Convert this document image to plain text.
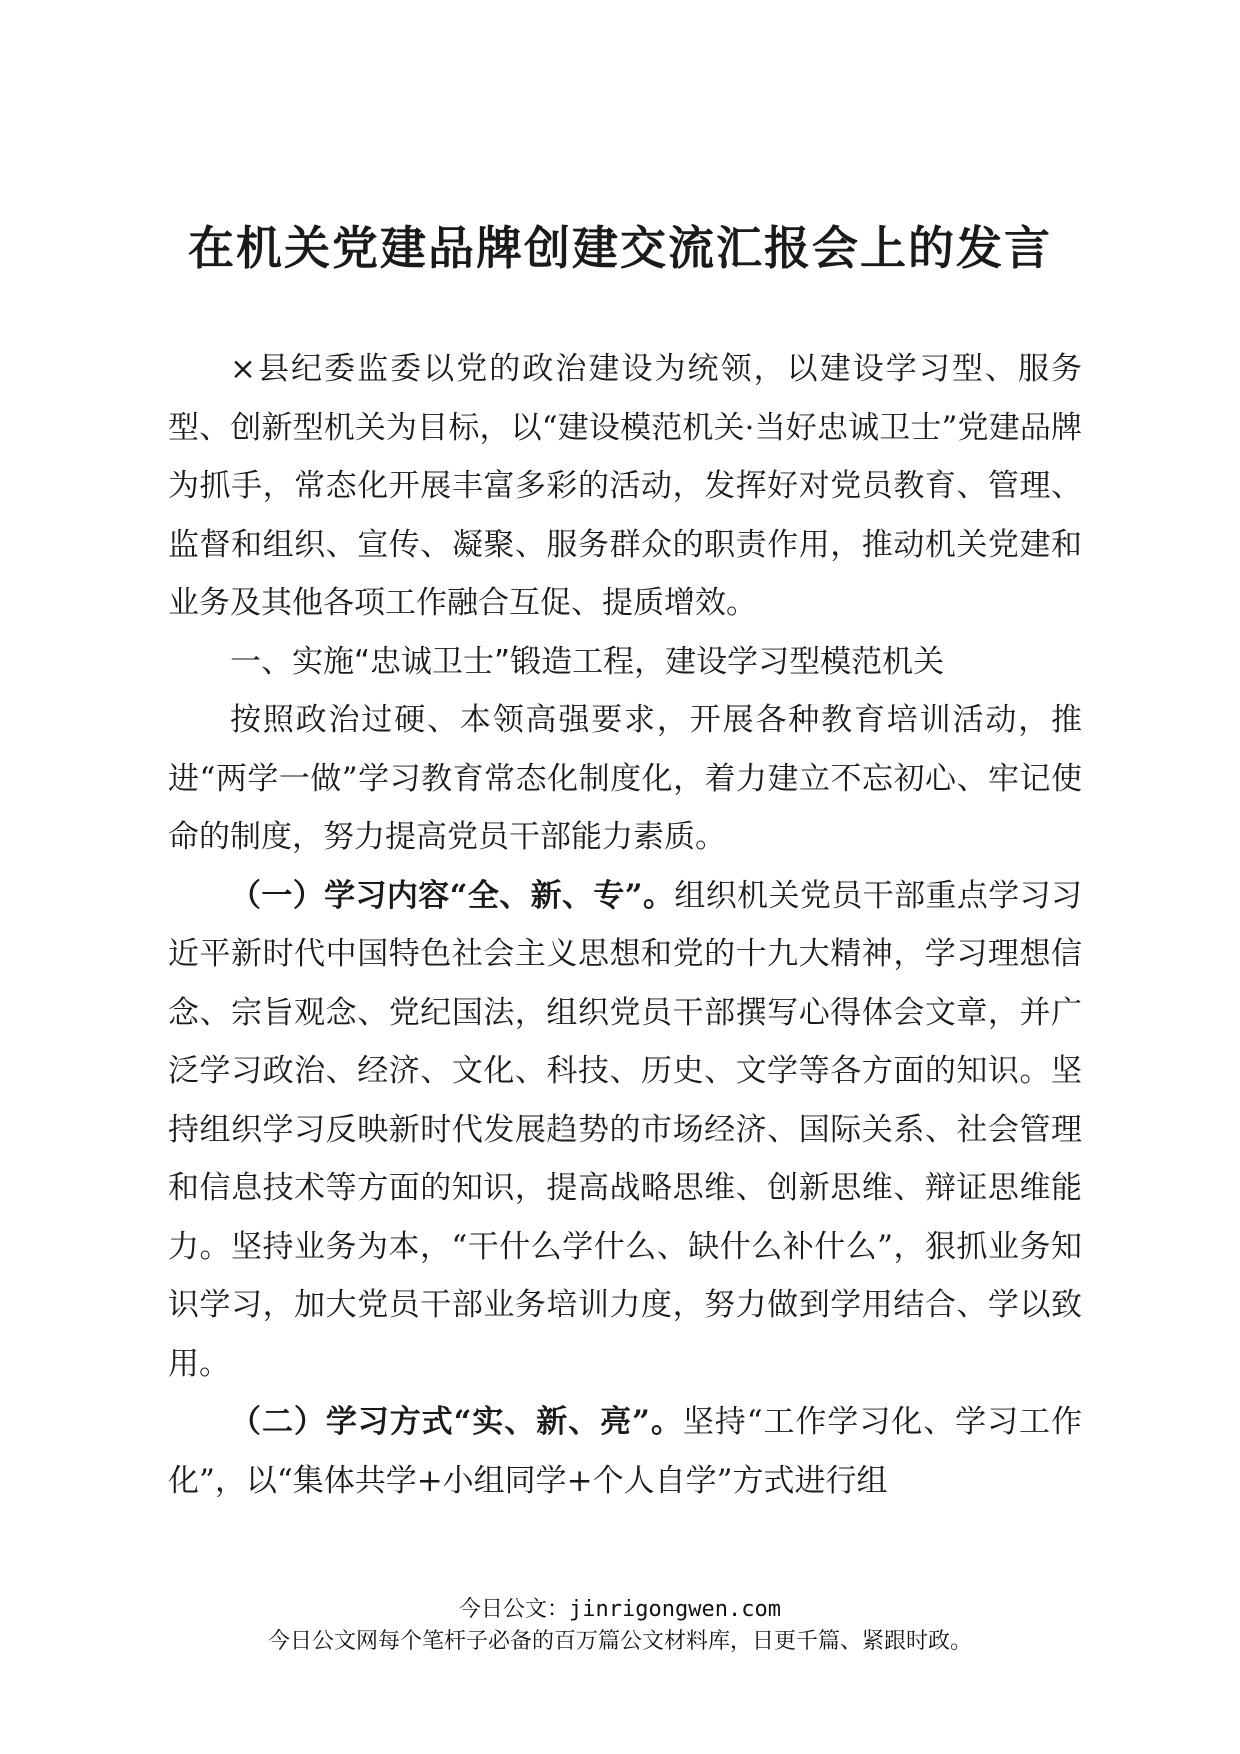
在机关党建品牌创建交流汇报会上的发言

×县纪委监委以党的政治建设为统领，以建设学习型、服务型、创新型机关为目标，以“建设模范机关·当好忠诚卫士”党建品牌为抓手，常态化开展丰富多彩的活动，发挥好对党员教育、管理、监督和组织、宣传、凝聚、服务群众的职责作用，推动机关党建和业务及其他各项工作融合互促、提质增效。

一、实施“忠诚卫士”锻造工程，建设学习型模范机关

按照政治过硬、本领高强要求，开展各种教育培训活动，推进“两学一做”学习教育常态化制度化，着力建立不忘初心、牢记使命的制度，努力提高党员干部能力素质。

（一）学习内容“全、新、专”。组织机关党员干部重点学习习近平新时代中国特色社会主义思想和党的十九大精神，学习理想信念、宗旨观念、党纪国法，组织党员干部撰写心得体会文章，并广泛学习政治、经济、文化、科技、历史、文学等各方面的知识。坚持组织学习反映新时代发展趋势的市场经济、国际关系、社会管理和信息技术等方面的知识，提高战略思维、创新思维、辩证思维能力。坚持业务为本，“干什么学什么、缺什么补什么”，狠抓业务知识学习，加大党员干部业务培训力度，努力做到学用结合、学以致用。

（二）学习方式“实、新、亮”。坚持“工作学习化、学习工作化”，以“集体共学+小组同学+个人自学”方式进行组

今日公文：jinrigongwen.com
今日公文网每个笔杆子必备的百万篇公文材料库，日更千篇、紧跟时政。
